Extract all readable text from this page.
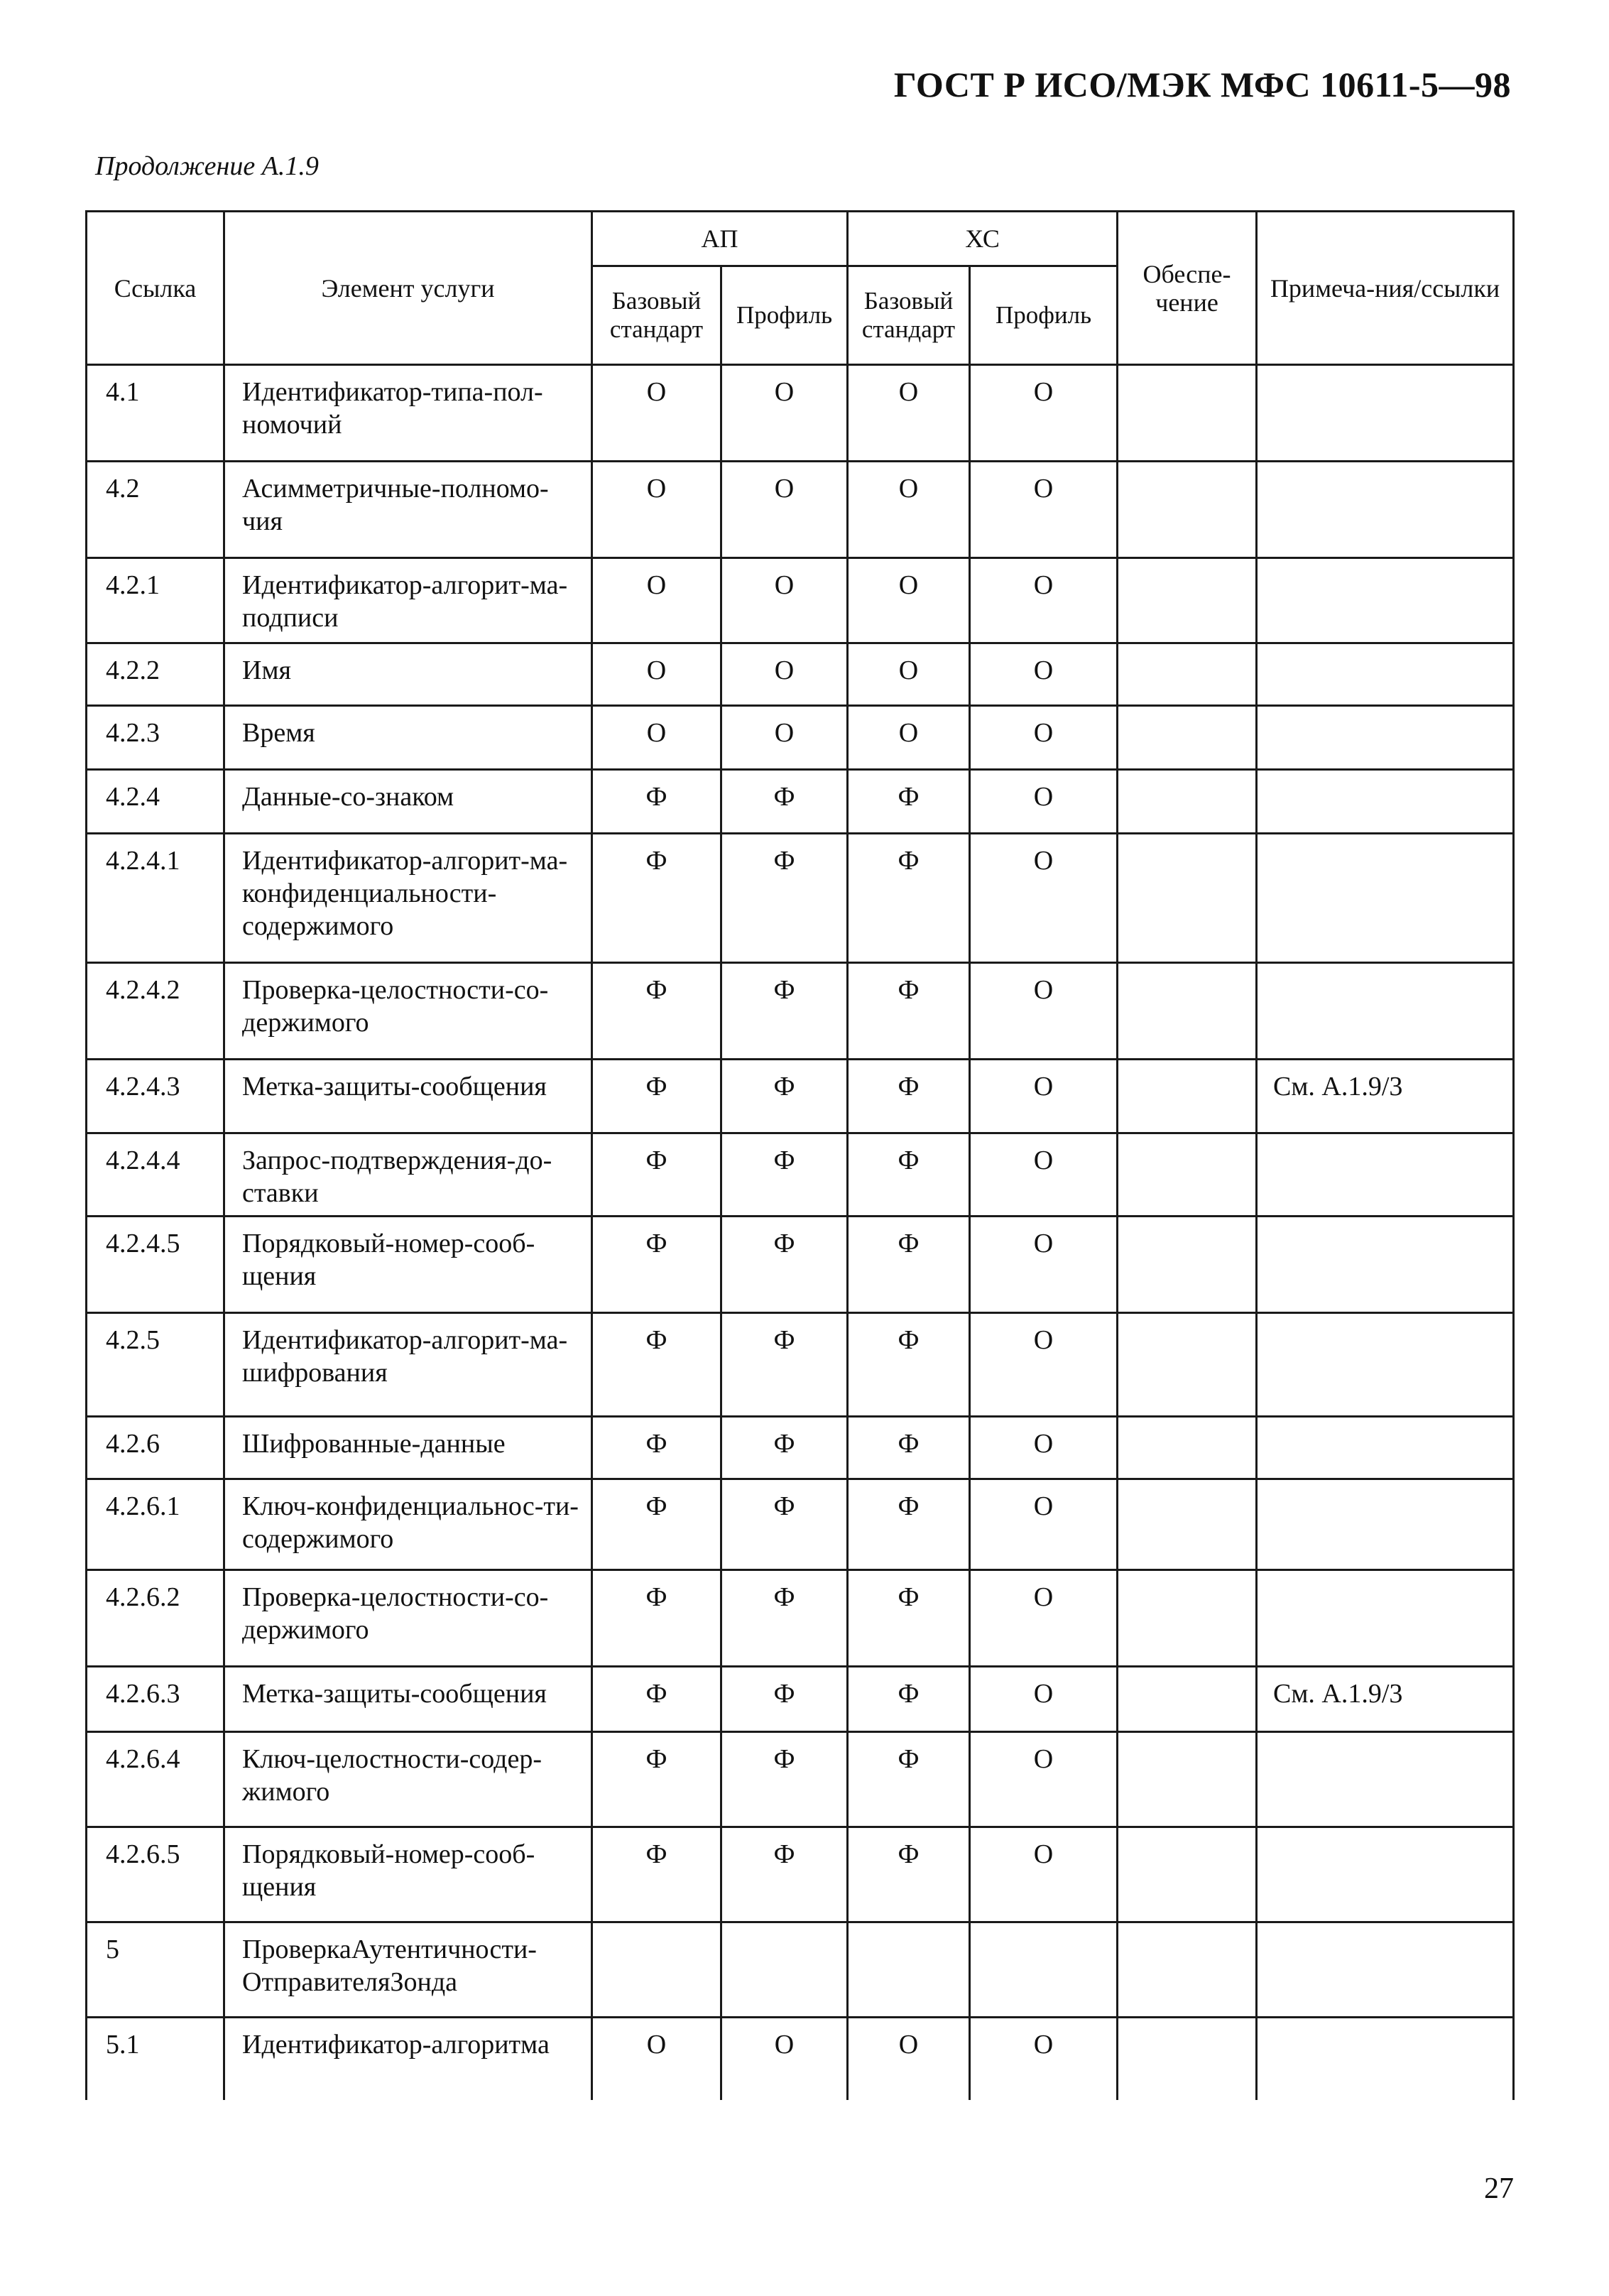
ГОСТ Р ИСО/МЭК МФС 10611-5—98
Продолжение А.1.9
Ссылка	Элемент услуги	АП		ХС		Обеспе-чение	Примеча-ния/ссылки
		Базовый стандарт	Профиль	Базовый стандарт	Профиль		
4.1	Идентификатор-типа-пол-номочий	О	О	О	О		
4.2	Асимметричные-полномо-чия	О	О	О	О		
4.2.1	Идентификатор-алгорит-ма-подписи	О	О	О	О		
4.2.2	Имя	О	О	О	О		
4.2.3	Время	О	О	О	О		
4.2.4	Данные-со-знаком	Ф	Ф	Ф	О		
4.2.4.1	Идентификатор-алгорит-ма-конфиденциальности-содержимого	Ф	Ф	Ф	О		
4.2.4.2	Проверка-целостности-со-держимого	Ф	Ф	Ф	О		
4.2.4.3	Метка-защиты-сообщения	Ф	Ф	Ф	О		См. А.1.9/3
4.2.4.4	Запрос-подтверждения-до-ставки	Ф	Ф	Ф	О		
4.2.4.5	Порядковый-номер-сооб-щения	Ф	Ф	Ф	О		
4.2.5	Идентификатор-алгорит-ма-шифрования	Ф	Ф	Ф	О		
4.2.6	Шифрованные-данные	Ф	Ф	Ф	О		
4.2.6.1	Ключ-конфиденциальнос-ти-содержимого	Ф	Ф	Ф	О		
4.2.6.2	Проверка-целостности-со-держимого	Ф	Ф	Ф	О		
4.2.6.3	Метка-защиты-сообщения	Ф	Ф	Ф	О		См. А.1.9/3
4.2.6.4	Ключ-целостности-содер-жимого	Ф	Ф	Ф	О		
4.2.6.5	Порядковый-номер-сооб-щения	Ф	Ф	Ф	О		
5	ПроверкаАутентичности-ОтправителяЗонда						
5.1	Идентификатор-алгоритма	О	О	О	О		
27
